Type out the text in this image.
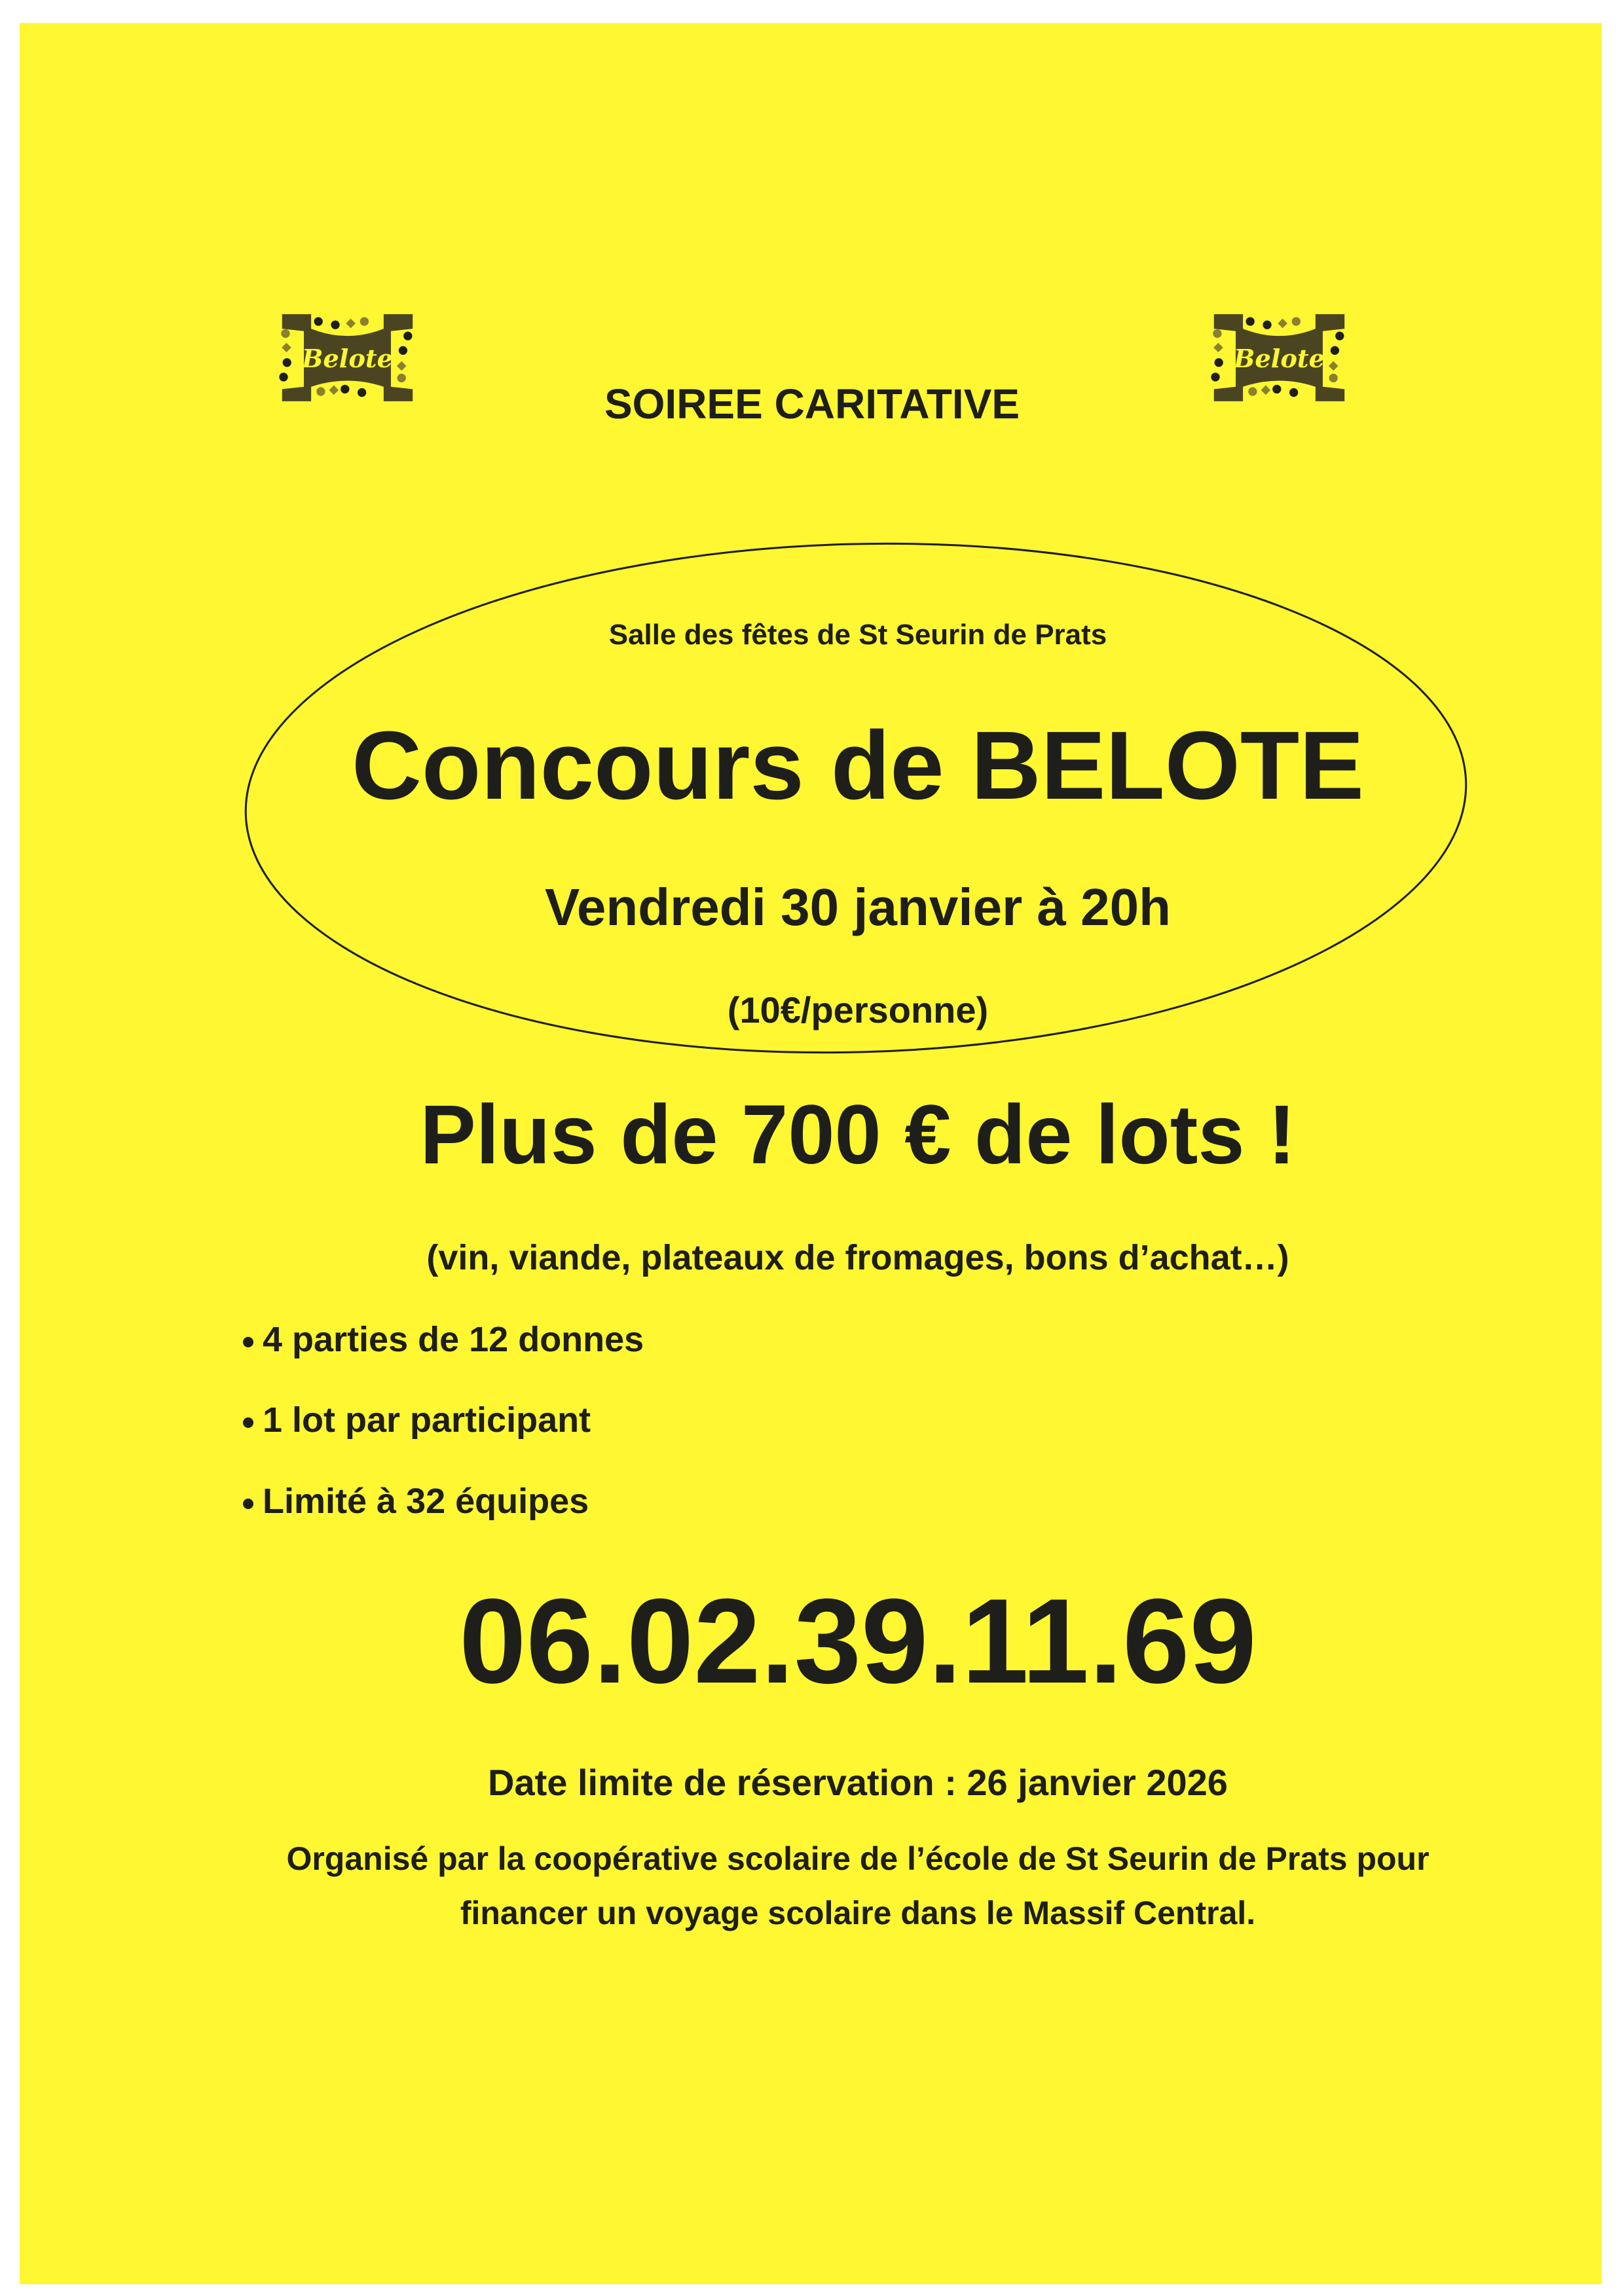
Belote	Belote
SOIREE CARITATIVE
Salle des fêtes de St Seurin de Prats
Concours de BELOTE
Vendredi 30 janvier à 20h
(10€/personne)
Plus de 700 € de lots !
(vin, viande, plateaux de fromages, bons d’achat…)
4 parties de 12 donnes
1 lot par participant
Limité à 32 équipes
06.02.39.11.69
Date limite de réservation : 26 janvier 2026
Organisé par la coopérative scolaire de l’école de St Seurin de Prats pour
financer un voyage scolaire dans le Massif Central.
